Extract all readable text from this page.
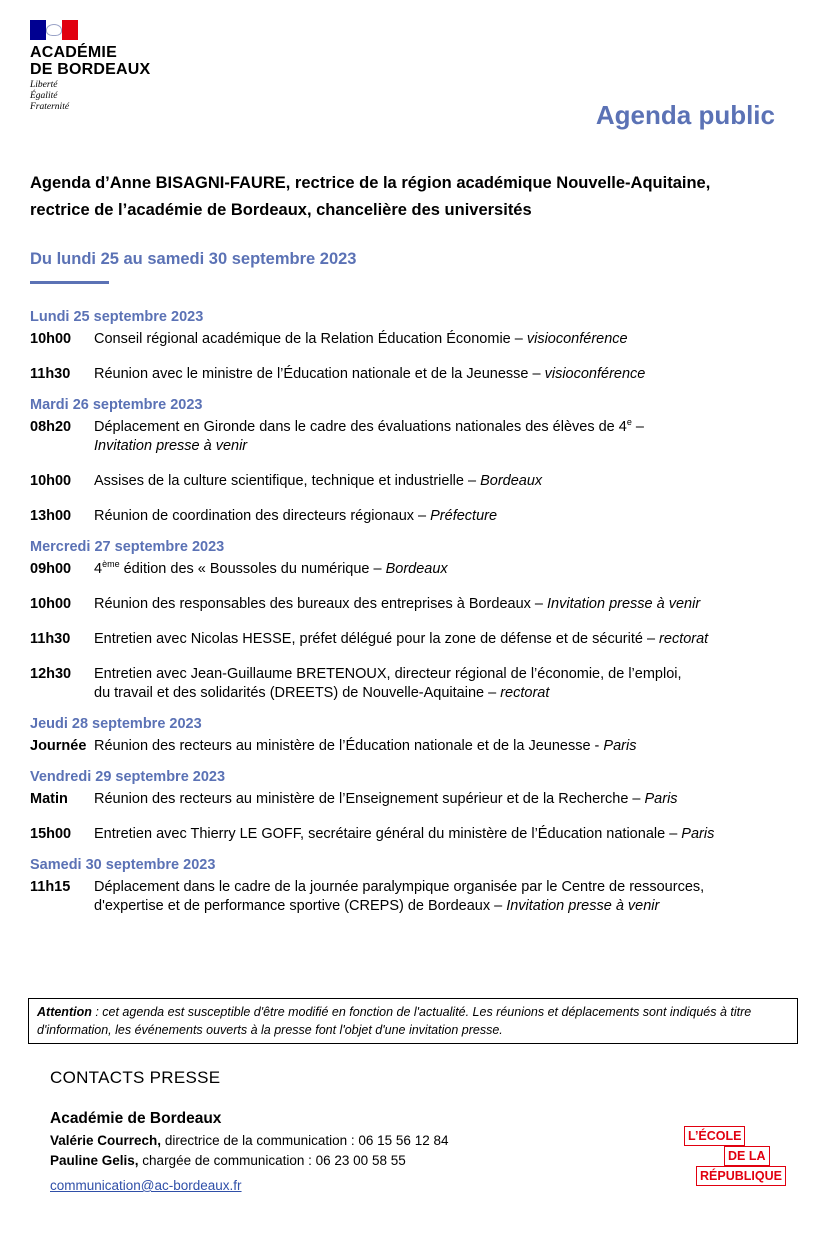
ACADÉMIE
DE BORDEAUX
Liberté
Égalité
Fraternité	Agenda public
Agenda d’Anne BISAGNI-FAURE, rectrice de la région académique Nouvelle-Aquitaine, rectrice de l’académie de Bordeaux, chancelière des universités
Du lundi 25 au samedi 30 septembre 2023
Lundi 25 septembre 2023
10h00	Conseil régional académique de la Relation Éducation Économie – visioconférence
11h30	Réunion avec le ministre de l’Éducation nationale et de la Jeunesse – visioconférence
Mardi 26 septembre 2023
08h20	Déplacement en Gironde dans le cadre des évaluations nationales des élèves de 4e –
Invitation presse à venir
10h00	Assises de la culture scientifique, technique et industrielle – Bordeaux
13h00	Réunion de coordination des directeurs régionaux – Préfecture
Mercredi 27 septembre 2023
09h00	4ème édition des « Boussoles du numérique – Bordeaux
10h00	Réunion des responsables des bureaux des entreprises à Bordeaux – Invitation presse à venir
11h30	Entretien avec Nicolas HESSE, préfet délégué pour la zone de défense et de sécurité – rectorat
12h30	Entretien avec Jean-Guillaume BRETENOUX, directeur régional de l’économie, de l’emploi,
du travail et des solidarités (DREETS) de Nouvelle-Aquitaine – rectorat
Jeudi 28 septembre 2023
Journée Réunion des recteurs au ministère de l’Éducation nationale et de la Jeunesse - Paris
Vendredi 29 septembre 2023
Matin	Réunion des recteurs au ministère de l’Enseignement supérieur et de la Recherche – Paris
15h00	Entretien avec Thierry LE GOFF, secrétaire général du ministère de l’Éducation nationale – Paris
Samedi 30 septembre 2023
11h15	Déplacement dans le cadre de la journée paralympique organisée par le Centre de ressources,
d'expertise et de performance sportive (CREPS) de Bordeaux – Invitation presse à venir
Attention : cet agenda est susceptible d'être modifié en fonction de l'actualité. Les réunions et déplacements sont indiqués à titre d'information, les événements ouverts à la presse font l'objet d'une invitation presse.
CONTACTS PRESSE
Académie de Bordeaux
Valérie Courrech, directrice de la communication : 06 15 56 12 84
Pauline Gelis, chargée de communication : 06 23 00 58 55
communication@ac-bordeaux.fr
L’ÉCOLE
DE LA
RÉPUBLIQUE
